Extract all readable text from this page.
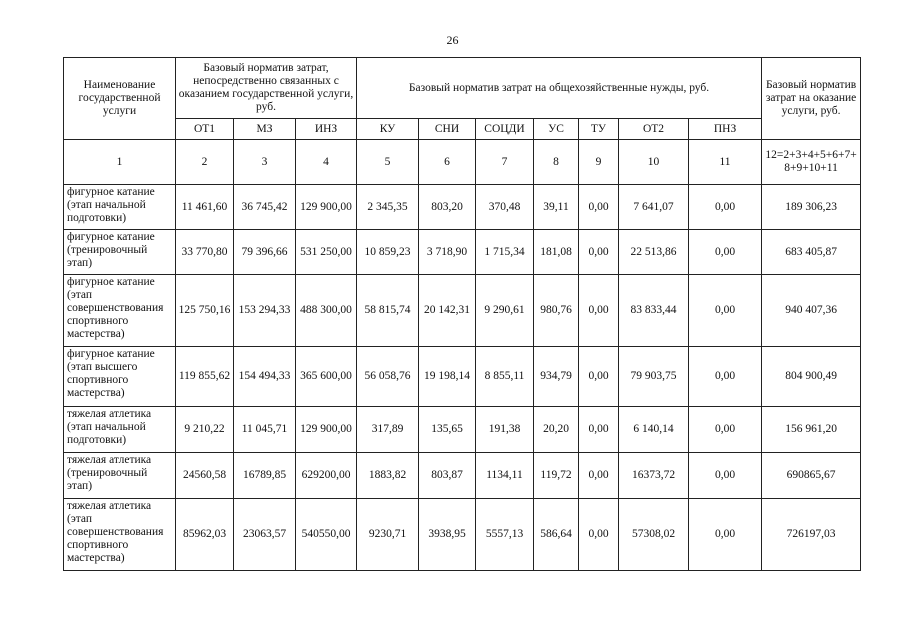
26
Наименование государственной услуги	Базовый норматив затрат, непосредственно связанных с оказанием государственной услуги, руб.			Базовый норматив затрат на общехозяйственные нужды, руб.							Базовый норматив затрат на оказание услуги, руб.
	ОТ1	МЗ	ИНЗ	КУ	СНИ	СОЦДИ	УС	ТУ	ОТ2	ПНЗ	
1	2	3	4	5	6	7	8	9	10	11	12=2+3+4+5+6+7+8+9+10+11
фигурное катание (этап начальной подготовки)	11 461,60	36 745,42	129 900,00	2 345,35	803,20	370,48	39,11	0,00	7 641,07	0,00	189 306,23
фигурное катание (тренировочный этап)	33 770,80	79 396,66	531 250,00	10 859,23	3 718,90	1 715,34	181,08	0,00	22 513,86	0,00	683 405,87
фигурное катание (этап совершенствования спортивного мастерства)	125 750,16	153 294,33	488 300,00	58 815,74	20 142,31	9 290,61	980,76	0,00	83 833,44	0,00	940 407,36
фигурное катание (этап высшего спортивного мастерства)	119 855,62	154 494,33	365 600,00	56 058,76	19 198,14	8 855,11	934,79	0,00	79 903,75	0,00	804 900,49
тяжелая атлетика (этап начальной подготовки)	9 210,22	11 045,71	129 900,00	317,89	135,65	191,38	20,20	0,00	6 140,14	0,00	156 961,20
тяжелая атлетика (тренировочный этап)	24560,58	16789,85	629200,00	1883,82	803,87	1134,11	119,72	0,00	16373,72	0,00	690865,67
тяжелая атлетика (этап совершенствования спортивного мастерства)	85962,03	23063,57	540550,00	9230,71	3938,95	5557,13	586,64	0,00	57308,02	0,00	726197,03
